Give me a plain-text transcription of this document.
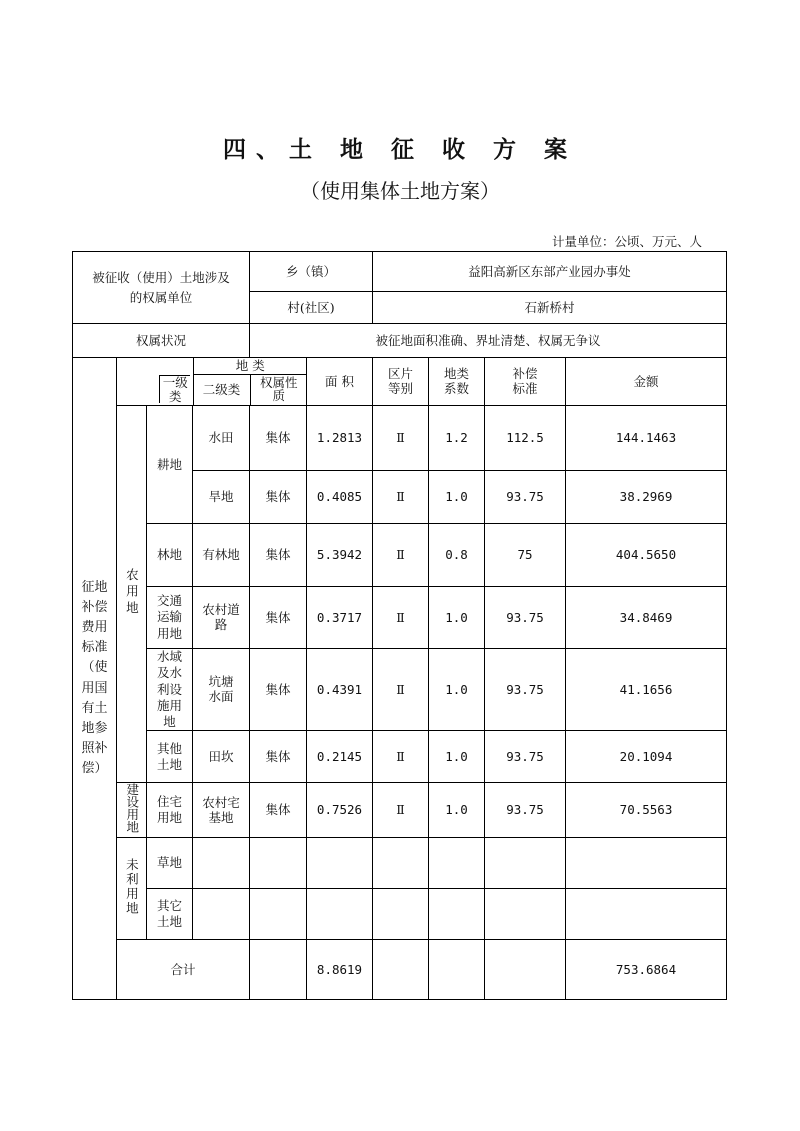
四、土 地 征 收 方 案
（使用集体土地方案）
计量单位：公顷、万元、人
被征收（使用）土地涉及的权属单位	乡（镇）	益阳高新区东部产业园办事处
村(社区)	石新桥村
权属状况	被征地面积准确、界址清楚、权属无争议
征地补偿费用标准（使用国有土地参照补偿）	
	地 类
一级类	二级类	权属性质
	面 积	区片等别	地类系数	补偿标准	金额
农用地	耕地	水田	集体	1.2813	Ⅱ	1.2	112.5	144.1463
旱地	集体	0.4085	Ⅱ	1.0	93.75	38.2969
林地	有林地	集体	5.3942	Ⅱ	0.8	75	404.5650
交通运输用地	农村道路	集体	0.3717	Ⅱ	1.0	93.75	34.8469
水域及水利设施用地	坑塘水面	集体	0.4391	Ⅱ	1.0	93.75	41.1656
其他土地	田坎	集体	0.2145	Ⅱ	1.0	93.75	20.1094
建设用地	住宅用地	农村宅基地	集体	0.7526	Ⅱ	1.0	93.75	70.5563
未利用地	草地							
其它土地							
合计		8.8619				753.6864
